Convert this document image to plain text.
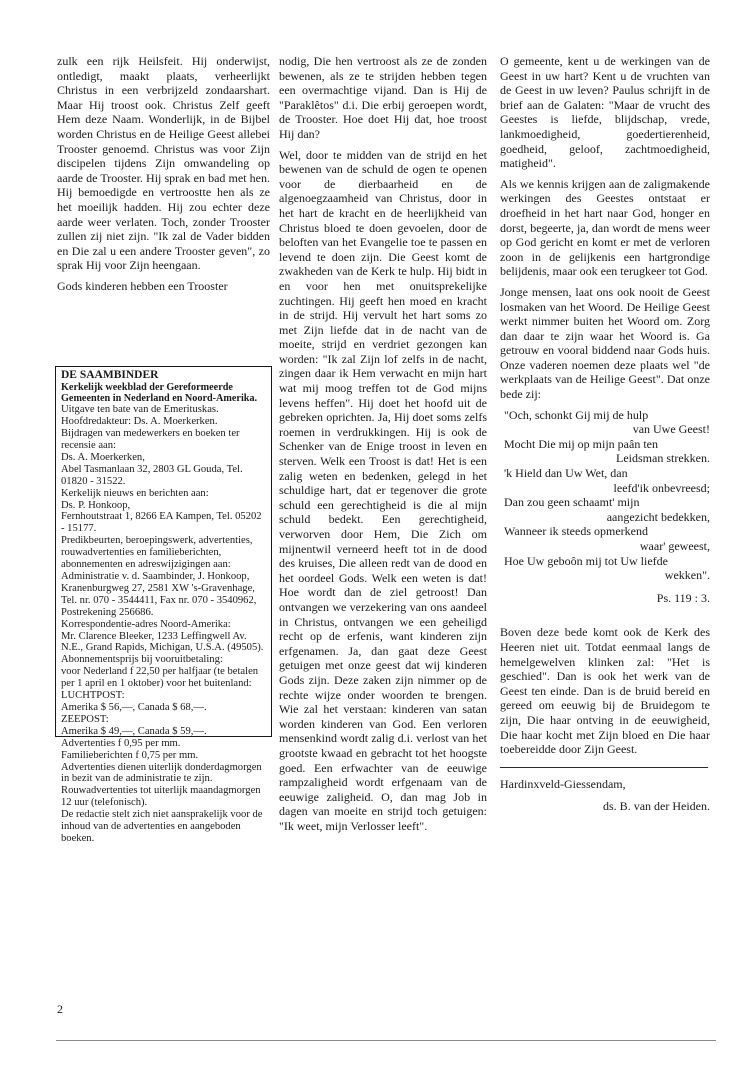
zulk een rijk Heilsfeit. Hij onderwijst, ontledigt, maakt plaats, verheerlijkt Christus in een verbrijzeld zondaarshart. Maar Hij troost ook. Christus Zelf geeft Hem deze Naam. Wonderlijk, in de Bijbel worden Christus en de Heilige Geest allebei Trooster genoemd. Christus was voor Zijn discipelen tijdens Zijn omwandeling op aarde de Trooster. Hij sprak en bad met hen. Hij bemoedigde en vertroostte hen als ze het moeilijk hadden. Hij zou echter deze aarde weer verlaten. Toch, zonder Trooster zullen zij niet zijn. "Ik zal de Vader bidden en Die zal u een andere Trooster geven", zo sprak Hij voor Zijn heengaan.

Gods kinderen hebben een Trooster

DE SAAMBINDER
Kerkelijk weekblad der Gereformeerde Gemeenten in Nederland en Noord-Amerika.
Uitgave ten bate van de Emerituskas.
Hoofdredakteur: Ds. A. Moerkerken.
Bijdragen van medewerkers en boeken ter recensie aan:
Ds. A. Moerkerken,
Abel Tasmanlaan 32, 2803 GL Gouda, Tel. 01820 - 31522.
Kerkelijk nieuws en berichten aan:
Ds. P. Honkoop,
Fernhoutstraat 1, 8266 EA Kampen, Tel. 05202 - 15177.
Predikbeurten, beroepingswerk, advertenties, rouwadvertenties en familieberichten, abonnementen en adreswijzigingen aan:
Administratie v. d. Saambinder, J. Honkoop, Kranenburgweg 27, 2581 XW 's-Gravenhage, Tel. nr. 070 - 3544411, Fax nr. 070 - 3540962, Postrekening 256686.
Korrespondentie-adres Noord-Amerika:
Mr. Clarence Bleeker, 1233 Leffingwell Av. N.E., Grand Rapids, Michigan, U.S.A. (49505).
Abonnementsprijs bij vooruitbetaling:
voor Nederland f 22,50 per halfjaar (te betalen per 1 april en 1 oktober) voor het buitenland:
LUCHTPOST:
Amerika $ 56,—, Canada $ 68,—.
ZEEPOST:
Amerika $ 49,—, Canada $ 59,—.
Advertenties f 0,95 per mm.
Familieberichten f 0,75 per mm.
Advertenties dienen uiterlijk donderdagmorgen in bezit van de administratie te zijn.
Rouwadvertenties tot uiterlijk maandagmorgen 12 uur (telefonisch).
De redactie stelt zich niet aansprakelijk voor de inhoud van de advertenties en aangeboden boeken.

nodig, Die hen vertroost als ze de zonden bewenen, als ze te strijden hebben tegen een overmachtige vijand. Dan is Hij de "Paraklêtos" d.i. Die erbij geroepen wordt, de Trooster. Hoe doet Hij dat, hoe troost Hij dan?

Wel, door te midden van de strijd en het bewenen van de schuld de ogen te openen voor de dierbaarheid en de algenoegzaamheid van Christus, door in het hart de kracht en de heerlijkheid van Christus bloed te doen gevoelen, door de beloften van het Evangelie toe te passen en levend te doen zijn. Die Geest komt de zwakheden van de Kerk te hulp. Hij bidt in en voor hen met onuitsprekelijke zuchtingen. Hij geeft hen moed en kracht in de strijd. Hij vervult het hart soms zo met Zijn liefde dat in de nacht van de moeite, strijd en verdriet gezongen kan worden: "Ik zal Zijn lof zelfs in de nacht, zingen daar ik Hem verwacht en mijn hart wat mij moog treffen tot de God mijns levens heffen". Hij doet het hoofd uit de gebreken oprichten. Ja, Hij doet soms zelfs roemen in verdrukkingen. Hij is ook de Schenker van de Enige troost in leven en sterven. Welk een Troost is dat! Het is een zalig weten en bedenken, gelegd in het schuldige hart, dat er tegenover die grote schuld een gerechtigheid is die al mijn schuld bedekt. Een gerechtigheid, verworven door Hem, Die Zich om mijnentwil verneerd heeft tot in de dood des kruises, Die alleen redt van de dood en het oordeel Gods. Welk een weten is dat! Hoe wordt dan de ziel getroost! Dan ontvangen we verzekering van ons aandeel in Christus, ontvangen we een geheiligd recht op de erfenis, want kinderen zijn erfgenamen. Ja, dan gaat deze Geest getuigen met onze geest dat wij kinderen Gods zijn. Deze zaken zijn nimmer op de rechte wijze onder woorden te brengen. Wie zal het verstaan: kinderen van satan worden kinderen van God. Een verloren mensenkind wordt zalig d.i. verlost van het grootste kwaad en gebracht tot het hoogste goed. Een erfwachter van de eeuwige rampzaligheid wordt erfgenaam van de eeuwige zaligheid. O, dan mag Job in dagen van moeite en strijd toch getuigen: "Ik weet, mijn Verlosser leeft".

O gemeente, kent u de werkingen van de Geest in uw hart? Kent u de vruchten van de Geest in uw leven? Paulus schrijft in de brief aan de Galaten: "Maar de vrucht des Geestes is liefde, blijdschap, vrede, lankmoedigheid, goedertierenheid, goedheid, geloof, zachtmoedigheid, matigheid".

Als we kennis krijgen aan de zaligmakende werkingen des Geestes ontstaat er droefheid in het hart naar God, honger en dorst, begeerte, ja, dan wordt de mens weer op God gericht en komt er met de verloren zoon in de gelijkenis een hartgrondige belijdenis, maar ook een terugkeer tot God.

Jonge mensen, laat ons ook nooit de Geest losmaken van het Woord. De Heilige Geest werkt nimmer buiten het Woord om. Zorg dan daar te zijn waar het Woord is. Ga getrouw en vooral biddend naar Gods huis. Onze vaderen noemen deze plaats wel "de werkplaats van de Heilige Geest". Dat onze bede zij:

"Och, schonkt Gij mij de hulp
van Uwe Geest!
Mocht Die mij op mijn paân ten
Leidsman strekken.
'k Hield dan Uw Wet, dan
leefd'ik onbevreesd;
Dan zou geen schaamt' mijn
aangezicht bedekken,
Wanneer ik steeds opmerkend
waar' geweest,
Hoe Uw geboôn mij tot Uw liefde
wekken".

Ps. 119 : 3.

Boven deze bede komt ook de Kerk des Heeren niet uit. Totdat eenmaal langs de hemelgewelven klinken zal: "Het is geschied". Dan is ook het werk van de Geest ten einde. Dan is de bruid bereid en gereed om eeuwig bij de Bruidegom te zijn, Die haar ontving in de eeuwigheid, Die haar kocht met Zijn bloed en Die haar toebereidde door Zijn Geest.

Hardinxveld-Giessendam,

ds. B. van der Heiden.

2
